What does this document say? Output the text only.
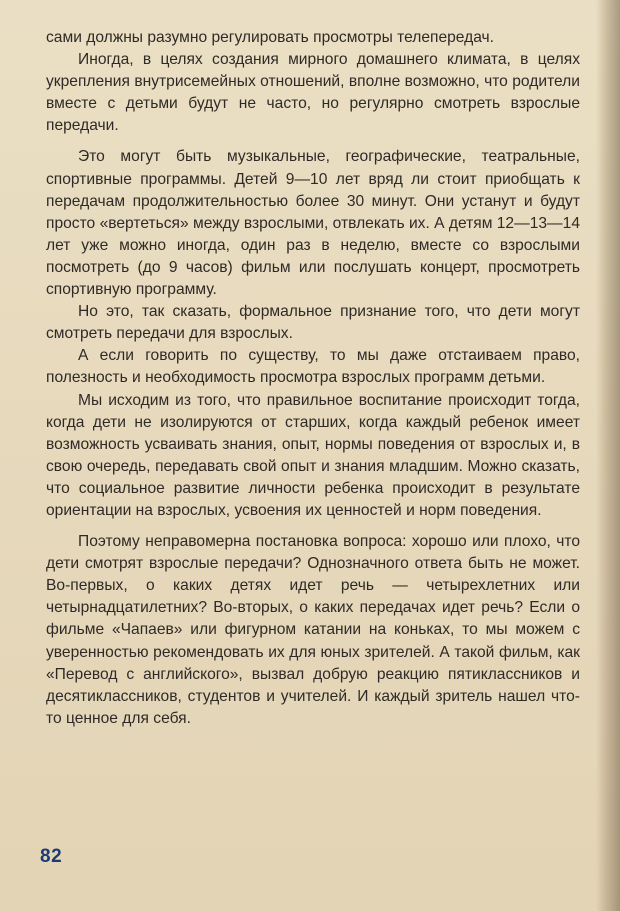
сами должны разумно регулировать просмотры телепередач.

Иногда, в целях создания мирного домашнего климата, в целях укрепления внутрисемейных отношений, вполне возможно, что родители вместе с детьми будут не часто, но регулярно смотреть взрослые передачи.

Это могут быть музыкальные, географические, театральные, спортивные программы. Детей 9—10 лет вряд ли стоит приобщать к передачам продолжительностью более 30 минут. Они устанут и будут просто «вертеться» между взрослыми, отвлекать их. А детям 12—13—14 лет уже можно иногда, один раз в неделю, вместе со взрослыми посмотреть (до 9 часов) фильм или послушать концерт, просмотреть спортивную программу.

Но это, так сказать, формальное признание того, что дети могут смотреть передачи для взрослых.

А если говорить по существу, то мы даже отстаиваем право, полезность и необходимость просмотра взрослых программ детьми.

Мы исходим из того, что правильное воспитание происходит тогда, когда дети не изолируются от старших, когда каждый ребенок имеет возможность усваивать знания, опыт, нормы поведения от взрослых и, в свою очередь, передавать свой опыт и знания младшим. Можно сказать, что социальное развитие личности ребенка происходит в результате ориентации на взрослых, усвоения их ценностей и норм поведения.

Поэтому неправомерна постановка вопроса: хорошо или плохо, что дети смотрят взрослые передачи? Однозначного ответа быть не может. Во-первых, о каких детях идет речь — четырехлетних или четырнадцатилетних? Во-вторых, о каких передачах идет речь? Если о фильме «Чапаев» или фигурном катании на коньках, то мы можем с уверенностью рекомендовать их для юных зрителей. А такой фильм, как «Перевод с английского», вызвал добрую реакцию пятиклассников и десятиклассников, студентов и учителей. И каждый зритель нашел что-то ценное для себя.

82
